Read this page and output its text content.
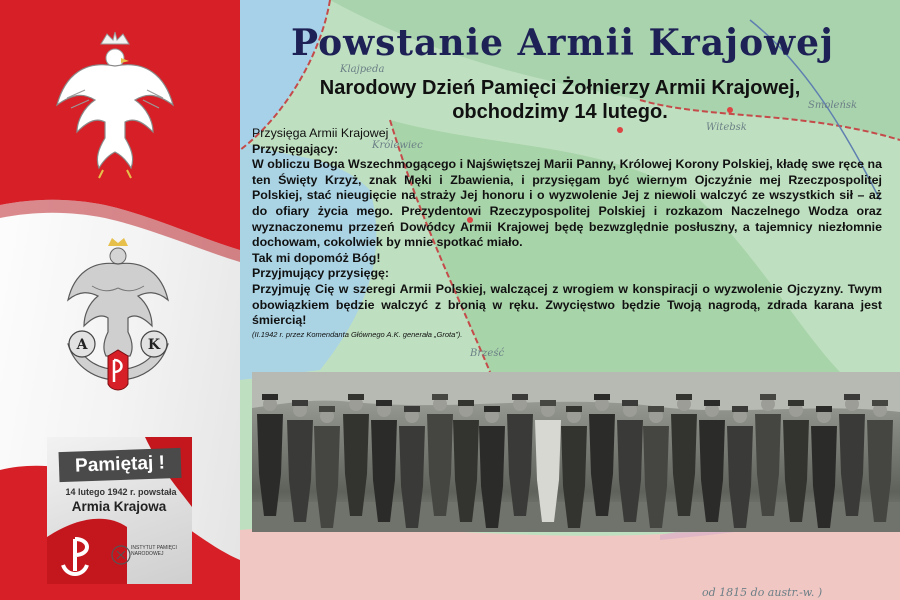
A	K
Pamiętaj !
14 lutego 1942 r. powstała
Armia Krajowa
INSTYTUT PAMIĘCI NARODOWEJ
Klajpeda
Królewiec
Witebsk
Smoleńsk
Brześć
od 1815 do austr.-w. )
Powstanie Armii Krajowej
Narodowy Dzień Pamięci Żołnierzy Armii Krajowej,
obchodzimy 14 lutego.

Przysięga Armii Krajowej

Przysięgający:

W obliczu Boga Wszechmogącego i Najświętszej Marii Panny, Królowej Korony Polskiej, kładę swe ręce na ten Święty Krzyż, znak Męki i Zbawienia, i przysięgam być wiernym Ojczyźnie mej Rzeczpospolitej Polskiej, stać nieugięcie na straży Jej honoru i o wyzwolenie Jej z niewoli walczyć ze wszystkich sił – aż do ofiary życia mego. Prezydentowi Rzeczypospolitej Polskiej i rozkazom Naczelnego Wodza oraz wyznaczonemu przezeń Dowódcy Armii Krajowej będę bezwzględnie posłuszny, a tajemnicy niezłomnie dochowam, cokolwiek by mnie spotkać miało.

Tak mi dopomóż Bóg!

Przyjmujący przysięgę:

Przyjmuję Cię w szeregi Armii Polskiej, walczącej z wrogiem w konspiracji o wyzwolenie Ojczyzny. Twym obowiązkiem będzie walczyć z bronią w ręku. Zwycięstwo będzie Twoją nagrodą, zdrada karana jest śmiercią!

(II.1942 r. przez Komendanta Głównego A.K. generała „Grota”).
